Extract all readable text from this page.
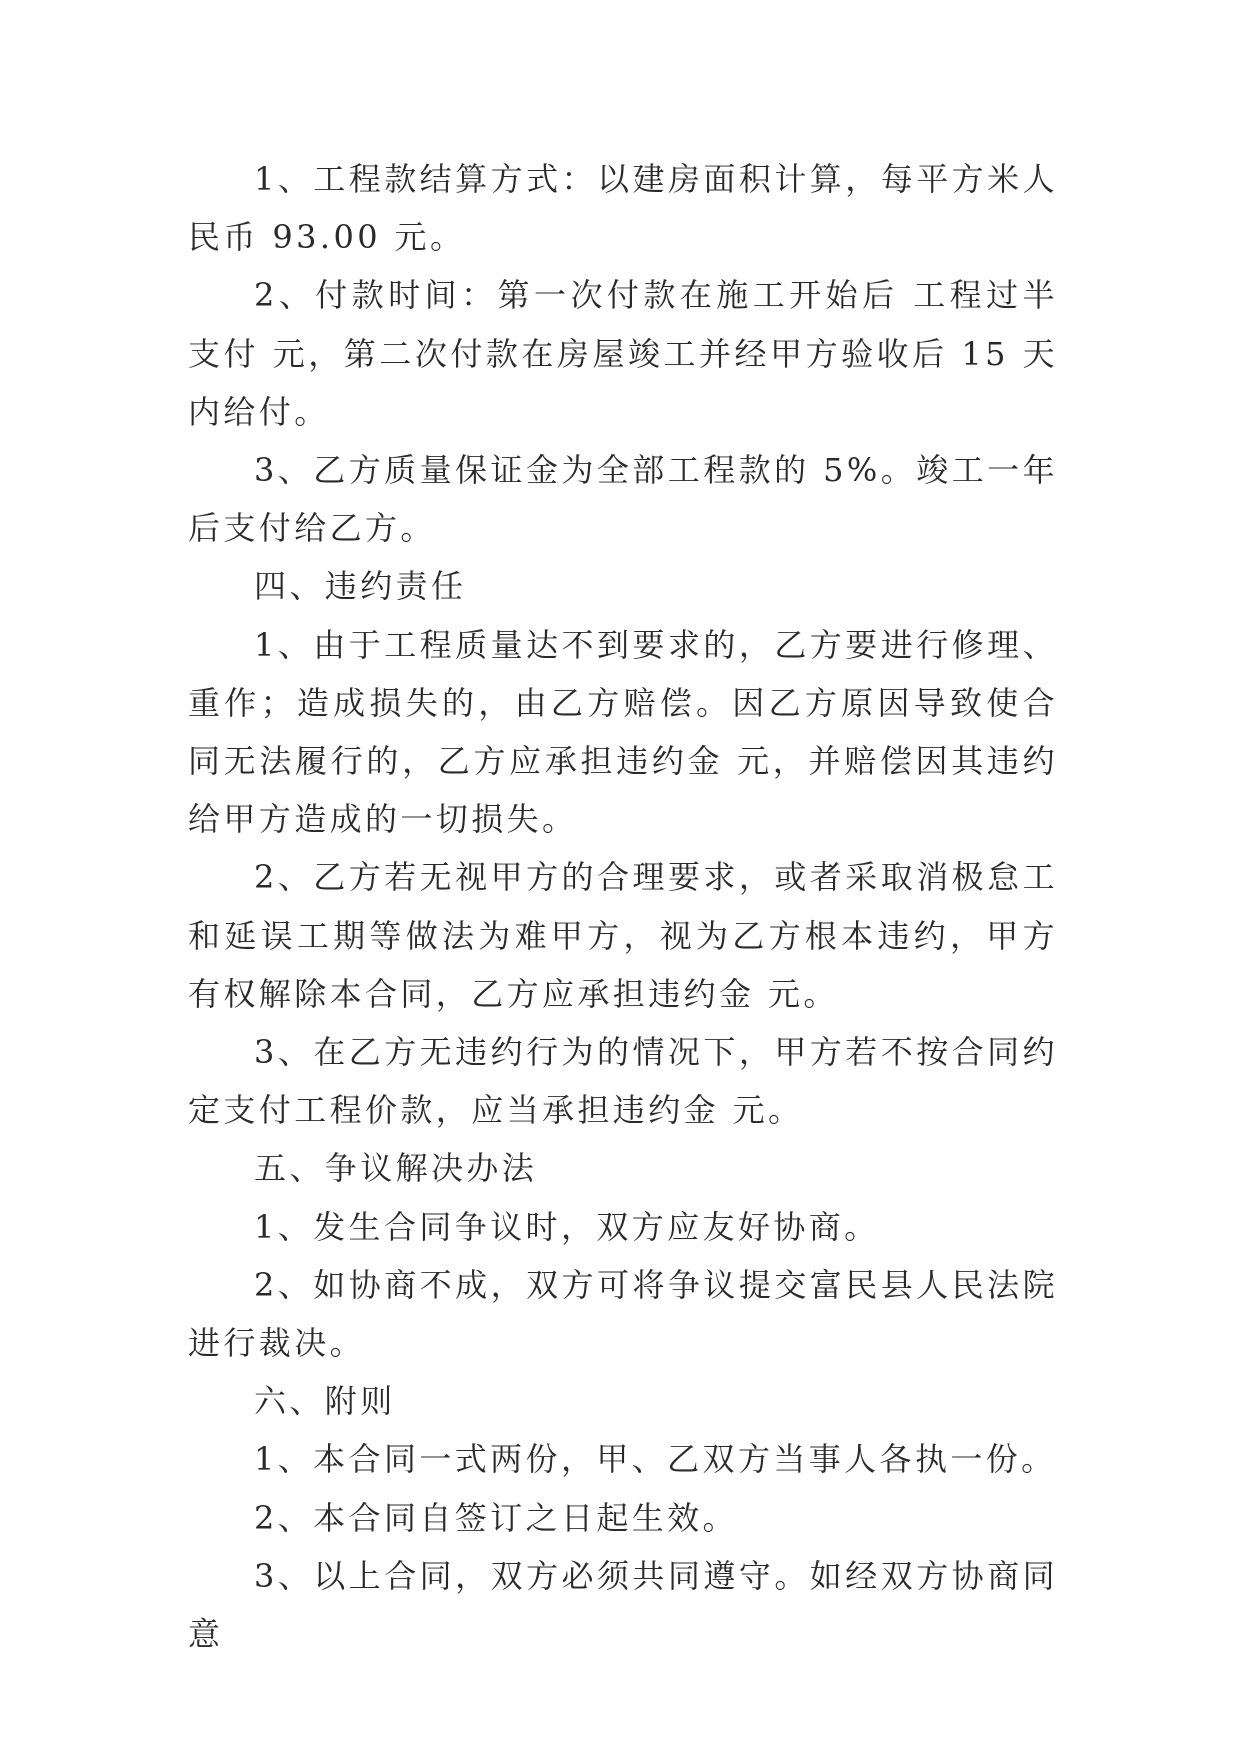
1、工程款结算方式：以建房面积计算，每平方米人民币 93.00 元。

2、付款时间：第一次付款在施工开始后 工程过半支付 元，第二次付款在房屋竣工并经甲方验收后 15 天内给付。

3、乙方质量保证金为全部工程款的 5%。竣工一年后支付给乙方。

四、违约责任

1、由于工程质量达不到要求的，乙方要进行修理、重作；造成损失的，由乙方赔偿。因乙方原因导致使合同无法履行的，乙方应承担违约金 元，并赔偿因其违约给甲方造成的一切损失。

2、乙方若无视甲方的合理要求，或者采取消极怠工和延误工期等做法为难甲方，视为乙方根本违约，甲方有权解除本合同，乙方应承担违约金 元。

3、在乙方无违约行为的情况下，甲方若不按合同约定支付工程价款，应当承担违约金 元。

五、争议解决办法

1、发生合同争议时，双方应友好协商。

2、如协商不成，双方可将争议提交富民县人民法院进行裁决。

六、附则

1、本合同一式两份，甲、乙双方当事人各执一份。

2、本合同自签订之日起生效。

3、以上合同，双方必须共同遵守。如经双方协商同意
